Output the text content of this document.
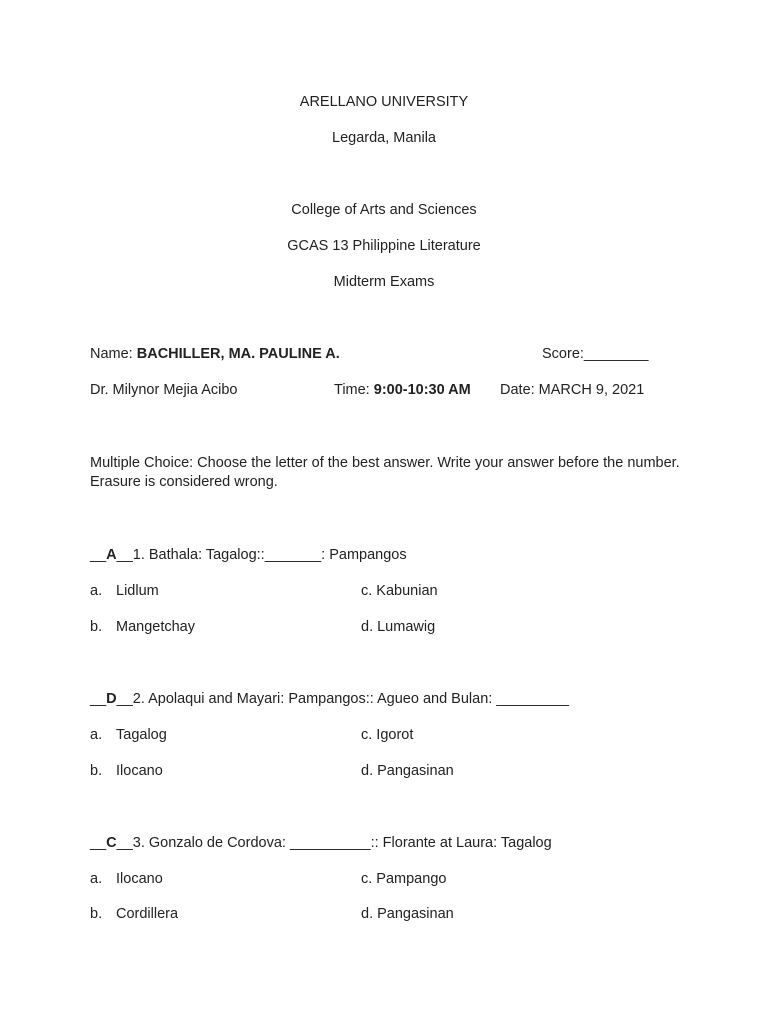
ARELLANO UNIVERSITY
Legarda, Manila
College of Arts and Sciences
GCAS 13 Philippine Literature
Midterm Exams
Name: BACHILLER, MA. PAULINE A.	Score:________
Dr. Milynor Mejia Acibo	Time: 9:00-10:30 AM Date: MARCH 9, 2021
Multiple Choice: Choose the letter of the best answer. Write your answer before the number. Erasure is considered wrong.
__A__1. Bathala: Tagalog::_______: Pampangos
a. Lidlum	c. Kabunian
b. Mangetchay	d. Lumawig
__D__2. Apolaqui and Mayari: Pampangos:: Agueo and Bulan: _________
a. Tagalog	c. Igorot
b. Ilocano	d. Pangasinan
__C__3. Gonzalo de Cordova: __________:: Florante at Laura: Tagalog
a. Ilocano	c. Pampango
b. Cordillera	d. Pangasinan
